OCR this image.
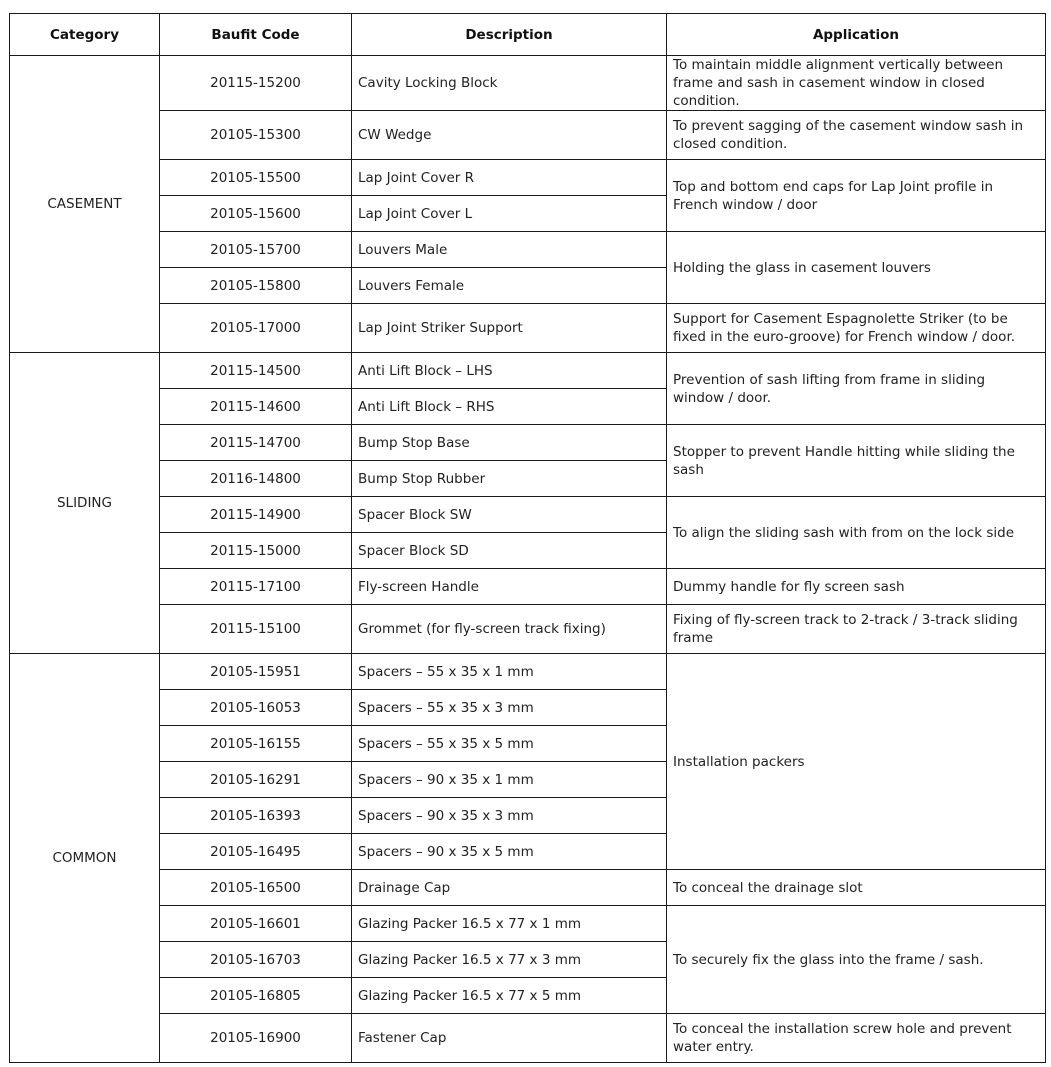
Category	Baufit Code	Description	Application
CASEMENT	20115-15200	Cavity Locking Block	To maintain middle alignment vertically between frame and sash in casement window in closed condition.
	20105-15300	CW Wedge	To prevent sagging of the casement window sash in closed condition.
	20105-15500	Lap Joint Cover R	Top and bottom end caps for Lap Joint profile in French window / door
	20105-15600	Lap Joint Cover L	
	20105-15700	Louvers Male	Holding the glass in casement louvers
	20105-15800	Louvers Female	
	20105-17000	Lap Joint Striker Support	Support for Casement Espagnolette Striker (to be fixed in the euro-groove) for French window / door.
SLIDING	20115-14500	Anti Lift Block – LHS	Prevention of sash lifting from frame in sliding window / door.
	20115-14600	Anti Lift Block – RHS	
	20115-14700	Bump Stop Base	Stopper to prevent Handle hitting while sliding the sash
	20116-14800	Bump Stop Rubber	
	20115-14900	Spacer Block SW	To align the sliding sash with from on the lock side
	20115-15000	Spacer Block SD	
	20115-17100	Fly-screen Handle	Dummy handle for fly screen sash
	20115-15100	Grommet (for fly-screen track fixing)	Fixing of fly-screen track to 2-track / 3-track sliding frame
COMMON	20105-15951	Spacers – 55 x 35 x 1 mm	Installation packers
	20105-16053	Spacers – 55 x 35 x 3 mm	
	20105-16155	Spacers – 55 x 35 x 5 mm	
	20105-16291	Spacers – 90 x 35 x 1 mm	
	20105-16393	Spacers – 90 x 35 x 3 mm	
	20105-16495	Spacers – 90 x 35 x 5 mm	
	20105-16500	Drainage Cap	To conceal the drainage slot
	20105-16601	Glazing Packer 16.5 x 77 x 1 mm	To securely fix the glass into the frame / sash.
	20105-16703	Glazing Packer 16.5 x 77 x 3 mm	
	20105-16805	Glazing Packer 16.5 x 77 x 5 mm	
	20105-16900	Fastener Cap	To conceal the installation screw hole and prevent water entry.
